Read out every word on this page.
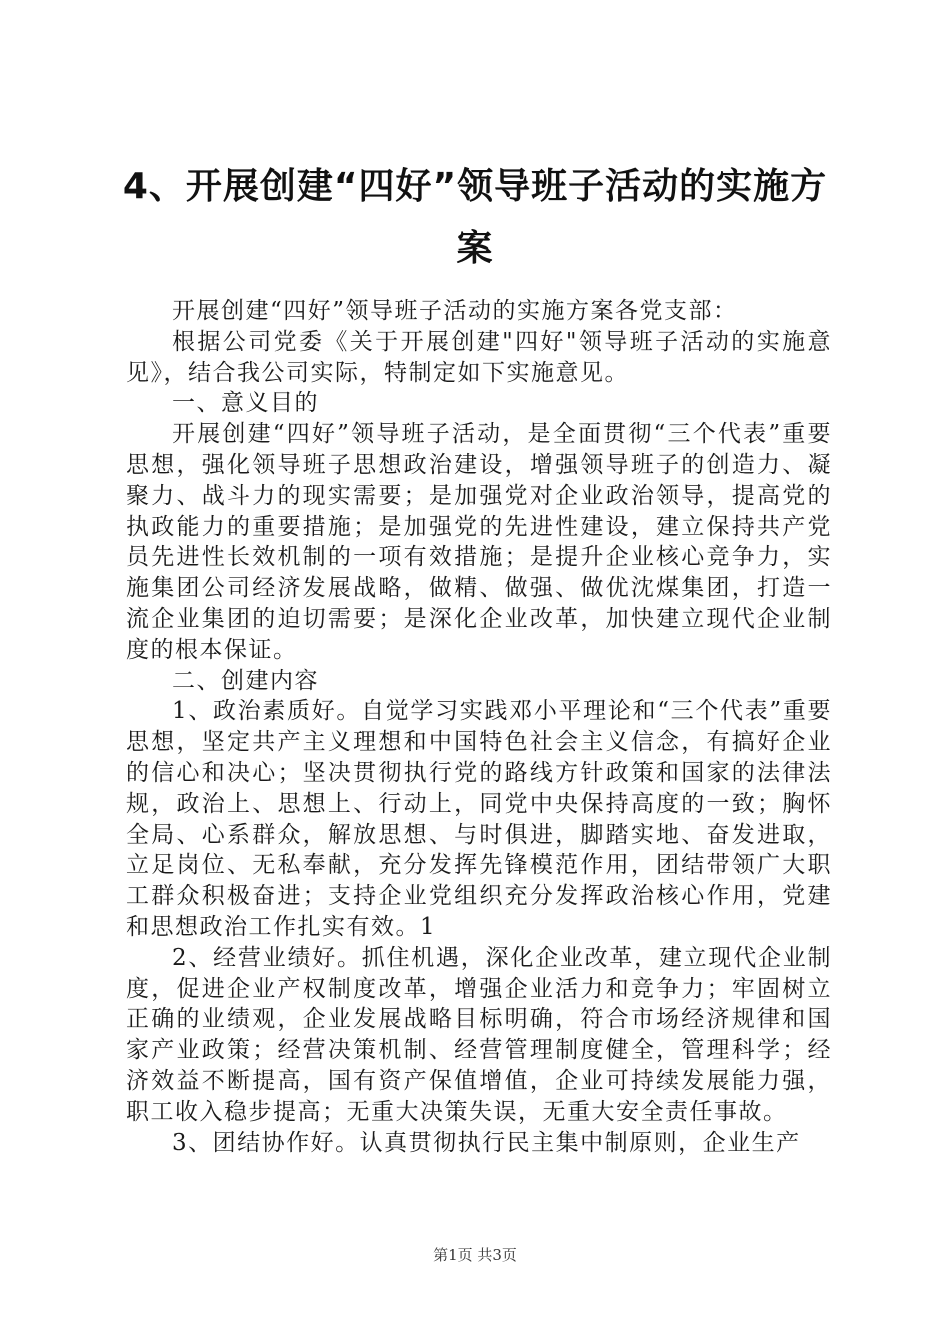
4、开展创建“四好”领导班子活动的实施方案

开展创建“四好”领导班子活动的实施方案各党支部：

根据公司党委《关于开展创建"四好"领导班子活动的实施意见》，结合我公司实际，特制定如下实施意见。

一、意义目的

开展创建“四好”领导班子活动，是全面贯彻“三个代表”重要思想，强化领导班子思想政治建设，增强领导班子的创造力、凝聚力、战斗力的现实需要；是加强党对企业政治领导，提高党的执政能力的重要措施；是加强党的先进性建设，建立保持共产党员先进性长效机制的一项有效措施；是提升企业核心竞争力，实施集团公司经济发展战略，做精、做强、做优沈煤集团，打造一流企业集团的迫切需要；是深化企业改革，加快建立现代企业制度的根本保证。

二、创建内容

1、政治素质好。自觉学习实践邓小平理论和“三个代表”重要思想，坚定共产主义理想和中国特色社会主义信念，有搞好企业的信心和决心；坚决贯彻执行党的路线方针政策和国家的法律法规，政治上、思想上、行动上，同党中央保持高度的一致；胸怀全局、心系群众，解放思想、与时俱进，脚踏实地、奋发进取，立足岗位、无私奉献，充分发挥先锋模范作用，团结带领广大职工群众积极奋进；支持企业党组织充分发挥政治核心作用，党建和思想政治工作扎实有效。1

2、经营业绩好。抓住机遇，深化企业改革，建立现代企业制度，促进企业产权制度改革，增强企业活力和竞争力；牢固树立正确的业绩观，企业发展战略目标明确，符合市场经济规律和国家产业政策；经营决策机制、经营管理制度健全，管理科学；经济效益不断提高，国有资产保值增值，企业可持续发展能力强，职工收入稳步提高；无重大决策失误，无重大安全责任事故。

3、团结协作好。认真贯彻执行民主集中制原则，企业生产

第1页 共3页
